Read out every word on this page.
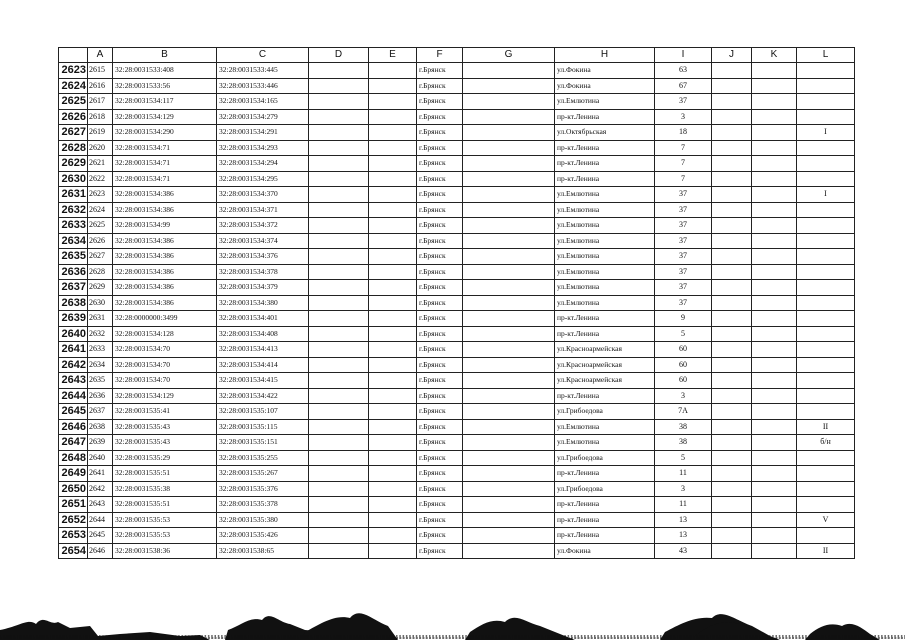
	A	B	C	D	E	F	G	H	I	J	K	L
2623	2615	32:28:0031533:408	32:28:0031533:445			г.Брянск		ул.Фокина	63			
2624	2616	32:28:0031533:56	32:28:0031533:446			г.Брянск		ул.Фокина	67			
2625	2617	32:28:0031534:117	32:28:0031534:165			г.Брянск		ул.Емлютина	37			
2626	2618	32:28:0031534:129	32:28:0031534:279			г.Брянск		пр-кт.Ленина	3			
2627	2619	32:28:0031534:290	32:28:0031534:291			г.Брянск		ул.Октябрьская	18			I
2628	2620	32:28:0031534:71	32:28:0031534:293			г.Брянск		пр-кт.Ленина	7			
2629	2621	32:28:0031534:71	32:28:0031534:294			г.Брянск		пр-кт.Ленина	7			
2630	2622	32:28:0031534:71	32:28:0031534:295			г.Брянск		пр-кт.Ленина	7			
2631	2623	32:28:0031534:386	32:28:0031534:370			г.Брянск		ул.Емлютина	37			I
2632	2624	32:28:0031534:386	32:28:0031534:371			г.Брянск		ул.Емлютина	37			
2633	2625	32:28:0031534:99	32:28:0031534:372			г.Брянск		ул.Емлютина	37			
2634	2626	32:28:0031534:386	32:28:0031534:374			г.Брянск		ул.Емлютина	37			
2635	2627	32:28:0031534:386	32:28:0031534:376			г.Брянск		ул.Емлютина	37			
2636	2628	32:28:0031534:386	32:28:0031534:378			г.Брянск		ул.Емлютина	37			
2637	2629	32:28:0031534:386	32:28:0031534:379			г.Брянск		ул.Емлютина	37			
2638	2630	32:28:0031534:386	32:28:0031534:380			г.Брянск		ул.Емлютина	37			
2639	2631	32:28:0000000:3499	32:28:0031534:401			г.Брянск		пр-кт.Ленина	9			
2640	2632	32:28:0031534:128	32:28:0031534:408			г.Брянск		пр-кт.Ленина	5			
2641	2633	32:28:0031534:70	32:28:0031534:413			г.Брянск		ул.Красноармейская	60			
2642	2634	32:28:0031534:70	32:28:0031534:414			г.Брянск		ул.Красноармейская	60			
2643	2635	32:28:0031534:70	32:28:0031534:415			г.Брянск		ул.Красноармейская	60			
2644	2636	32:28:0031534:129	32:28:0031534:422			г.Брянск		пр-кт.Ленина	3			
2645	2637	32:28:0031535:41	32:28:0031535:107			г.Брянск		ул.Грибоедова	7А			
2646	2638	32:28:0031535:43	32:28:0031535:115			г.Брянск		ул.Емлютина	38			II
2647	2639	32:28:0031535:43	32:28:0031535:151			г.Брянск		ул.Емлютина	38			б/н
2648	2640	32:28:0031535:29	32:28:0031535:255			г.Брянск		ул.Грибоедова	5			
2649	2641	32:28:0031535:51	32:28:0031535:267			г.Брянск		пр-кт.Ленина	11			
2650	2642	32:28:0031535:38	32:28:0031535:376			г.Брянск		ул.Грибоедова	3			
2651	2643	32:28:0031535:51	32:28:0031535:378			г.Брянск		пр-кт.Ленина	11			
2652	2644	32:28:0031535:53	32:28:0031535:380			г.Брянск		пр-кт.Ленина	13			V
2653	2645	32:28:0031535:53	32:28:0031535:426			г.Брянск		пр-кт.Ленина	13			
2654	2646	32:28:0031538:36	32:28:0031538:65			г.Брянск		ул.Фокина	43			II
